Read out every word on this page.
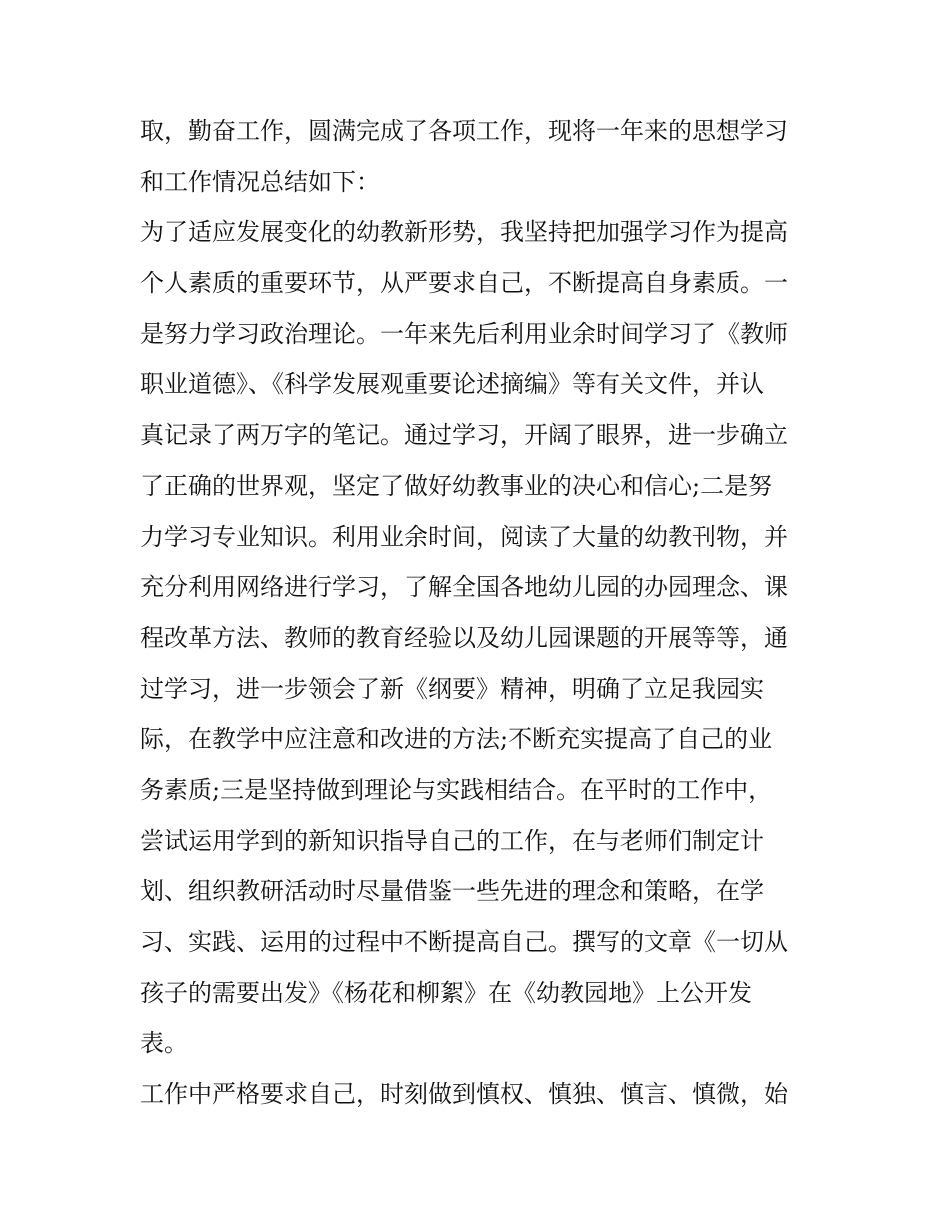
取，勤奋工作，圆满完成了各项工作，现将一年来的思想学习
和工作情况总结如下：
为了适应发展变化的幼教新形势，我坚持把加强学习作为提高
个人素质的重要环节，从严要求自己，不断提高自身素质。一
是努力学习政治理论。一年来先后利用业余时间学习了《教师
职业道德》、《科学发展观重要论述摘编》等有关文件，并认
真记录了两万字的笔记。通过学习，开阔了眼界，进一步确立
了正确的世界观，坚定了做好幼教事业的决心和信心;二是努
力学习专业知识。利用业余时间，阅读了大量的幼教刊物，并
充分利用网络进行学习，了解全国各地幼儿园的办园理念、课
程改革方法、教师的教育经验以及幼儿园课题的开展等等，通
过学习，进一步领会了新《纲要》精神，明确了立足我园实
际，在教学中应注意和改进的方法;不断充实提高了自己的业
务素质;三是坚持做到理论与实践相结合。在平时的工作中，
尝试运用学到的新知识指导自己的工作，在与老师们制定计
划、组织教研活动时尽量借鉴一些先进的理念和策略，在学
习、实践、运用的过程中不断提高自己。撰写的文章《一切从
孩子的需要出发》《杨花和柳絮》在《幼教园地》上公开发
表。
工作中严格要求自己，时刻做到慎权、慎独、慎言、慎微，始
